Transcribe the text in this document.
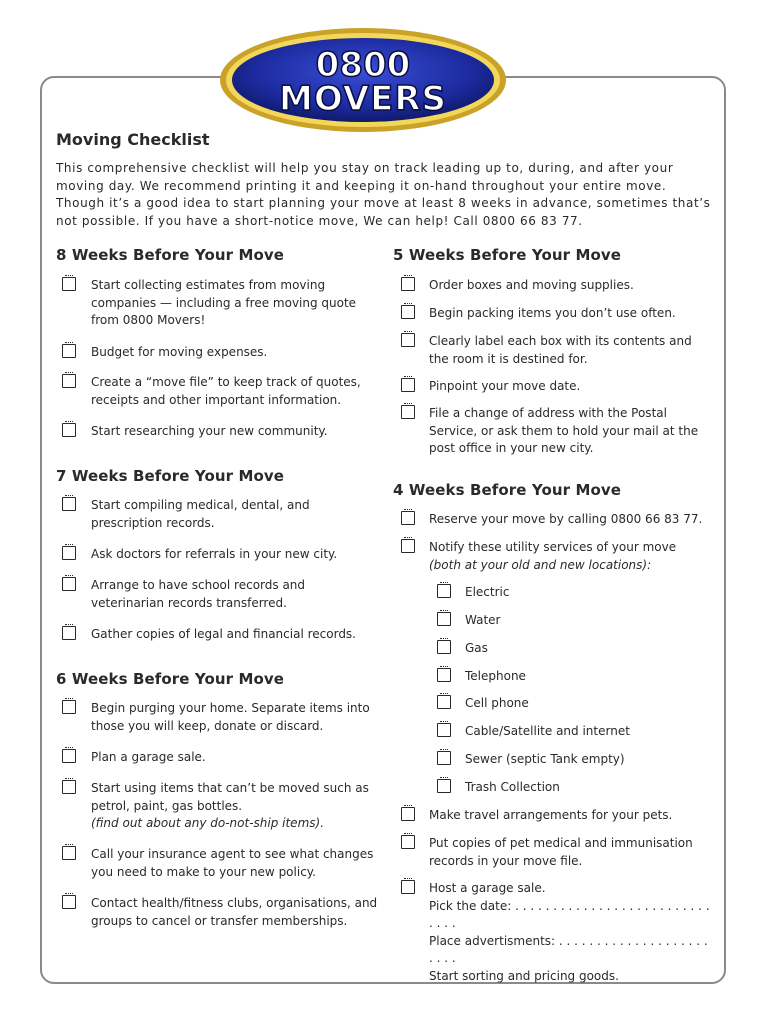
0800
MOVERS
Moving Checklist
This comprehensive checklist will help you stay on track leading up to, during, and after your moving day. We recommend printing it and keeping it on-hand throughout your entire move. Though it’s a good idea to start planning your move at least 8 weeks in advance, sometimes that’s not possible. If you have a short-notice move, We can help! Call 0800 66 83 77.
8 Weeks Before Your Move
Start collecting estimates from moving companies — including a free moving quote from 0800 Movers!
Budget for moving expenses.
Create a “move file” to keep track of quotes, receipts and other important information.
Start researching your new community.
7 Weeks Before Your Move
Start compiling medical, dental, and prescription records.
Ask doctors for referrals in your new city.
Arrange to have school records and veterinarian records transferred.
Gather copies of legal and financial records.
6 Weeks Before Your Move
Begin purging your home. Separate items into those you will keep, donate or discard.
Plan a garage sale.
Start using items that can’t be moved such as petrol, paint, gas bottles.
(find out about any do-not-ship items).
Call your insurance agent to see what changes you need to make to your new policy.
Contact health/fitness clubs, organisations, and groups to cancel or transfer memberships.
5 Weeks Before Your Move
Order boxes and moving supplies.
Begin packing items you don’t use often.
Clearly label each box with its contents and the room it is destined for.
Pinpoint your move date.
File a change of address with the Postal Service, or ask them to hold your mail at the post office in your new city.
4 Weeks Before Your Move
Reserve your move by calling 0800 66 83 77.
Notify these utility services of your move
(both at your old and new locations):
Electric
Water
Gas
Telephone
Cell phone
Cable/Satellite and internet
Sewer (septic Tank empty)
Trash Collection
Make travel arrangements for your pets.
Put copies of pet medical and immunisation records in your move file.
Host a garage sale.
Pick the date: . . . . . . . . . . . . . . . . . . . . . . . . . . . . . .
Place advertisments: . . . . . . . . . . . . . . . . . . . . . . . .
Start sorting and pricing goods.
